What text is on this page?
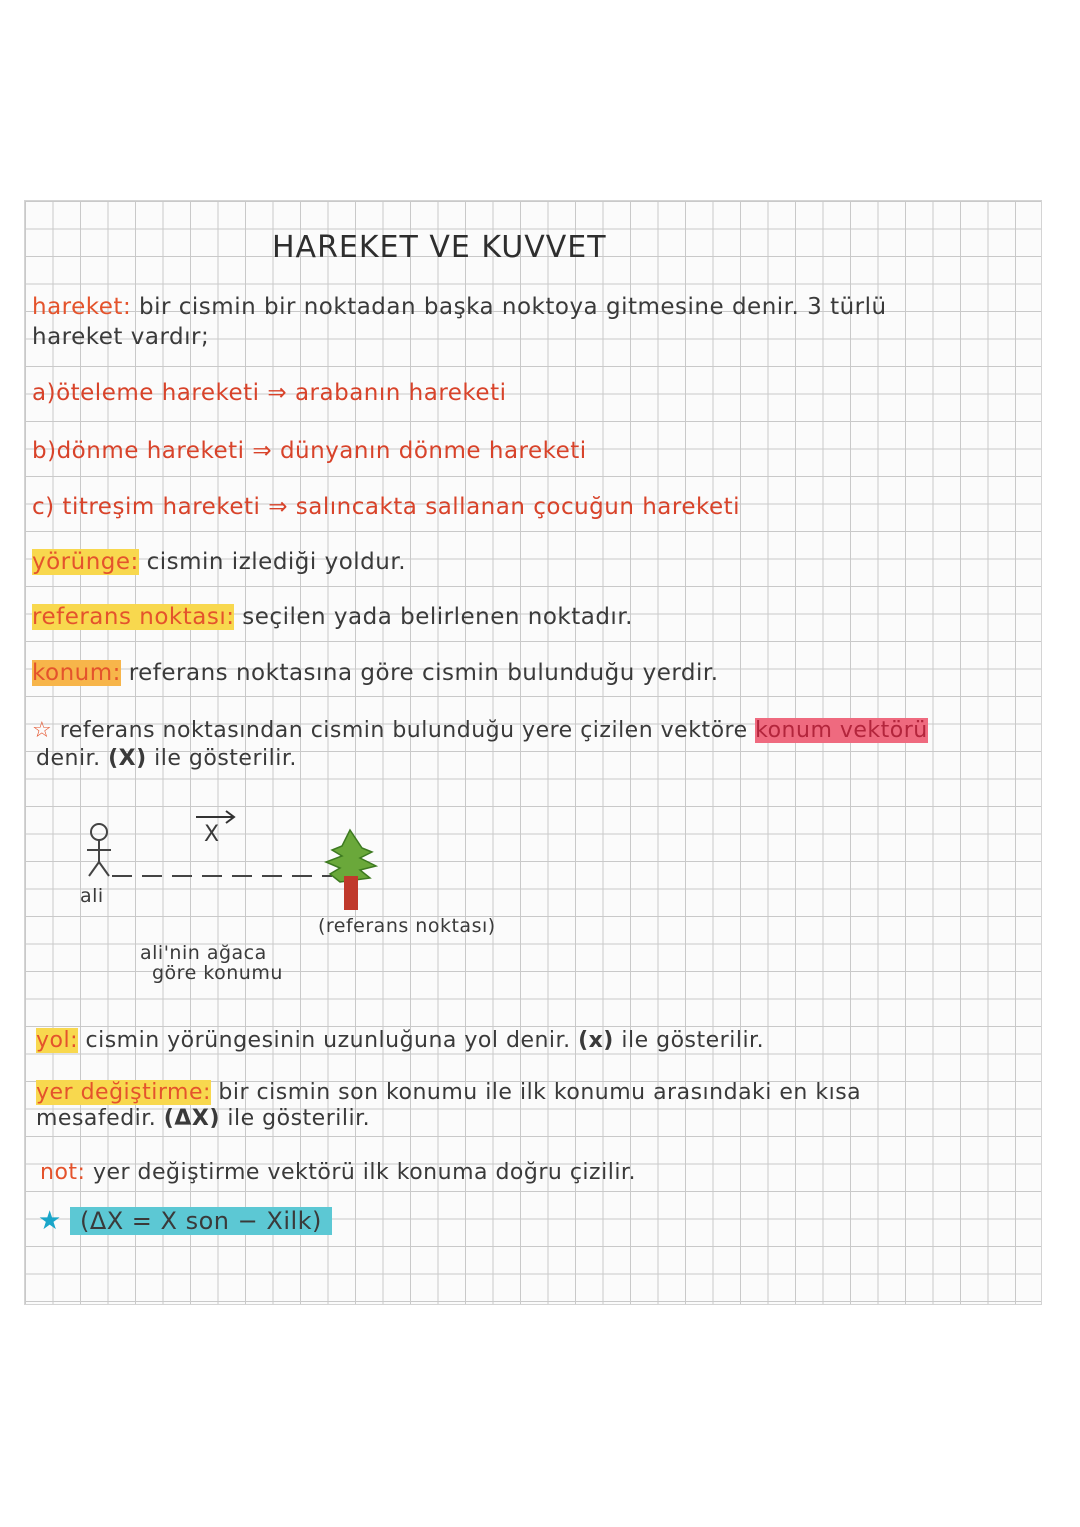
HAREKET VE KUVVET
hareket: bir cismin bir noktadan başka noktoya gitmesine denir. 3 türlü
hareket vardır;
a)öteleme hareketi ⇒ arabanın hareketi
b)dönme hareketi ⇒ dünyanın dönme hareketi
c) titreşim hareketi ⇒ salıncakta sallanan çocuğun hareketi
yörünge: cismin izlediği yoldur.
referans noktası: seçilen yada belirlenen noktadır.
konum: referans noktasına göre cismin bulunduğu yerdir.
☆ referans noktasından cismin bulunduğu yere çizilen vektöre konum vektörü
denir. (X) ile gösterilir.
X
ali
(referans noktası)
ali'nin ağaca
göre konumu
yol: cismin yörüngesinin uzunluğuna yol denir. (x) ile gösterilir.
yer değiştirme: bir cismin son konumu ile ilk konumu arasındaki en kısa
mesafedir. (ΔX) ile gösterilir.
not: yer değiştirme vektörü ilk konuma doğru çizilir.
★ (ΔX = X son − Xilk)
